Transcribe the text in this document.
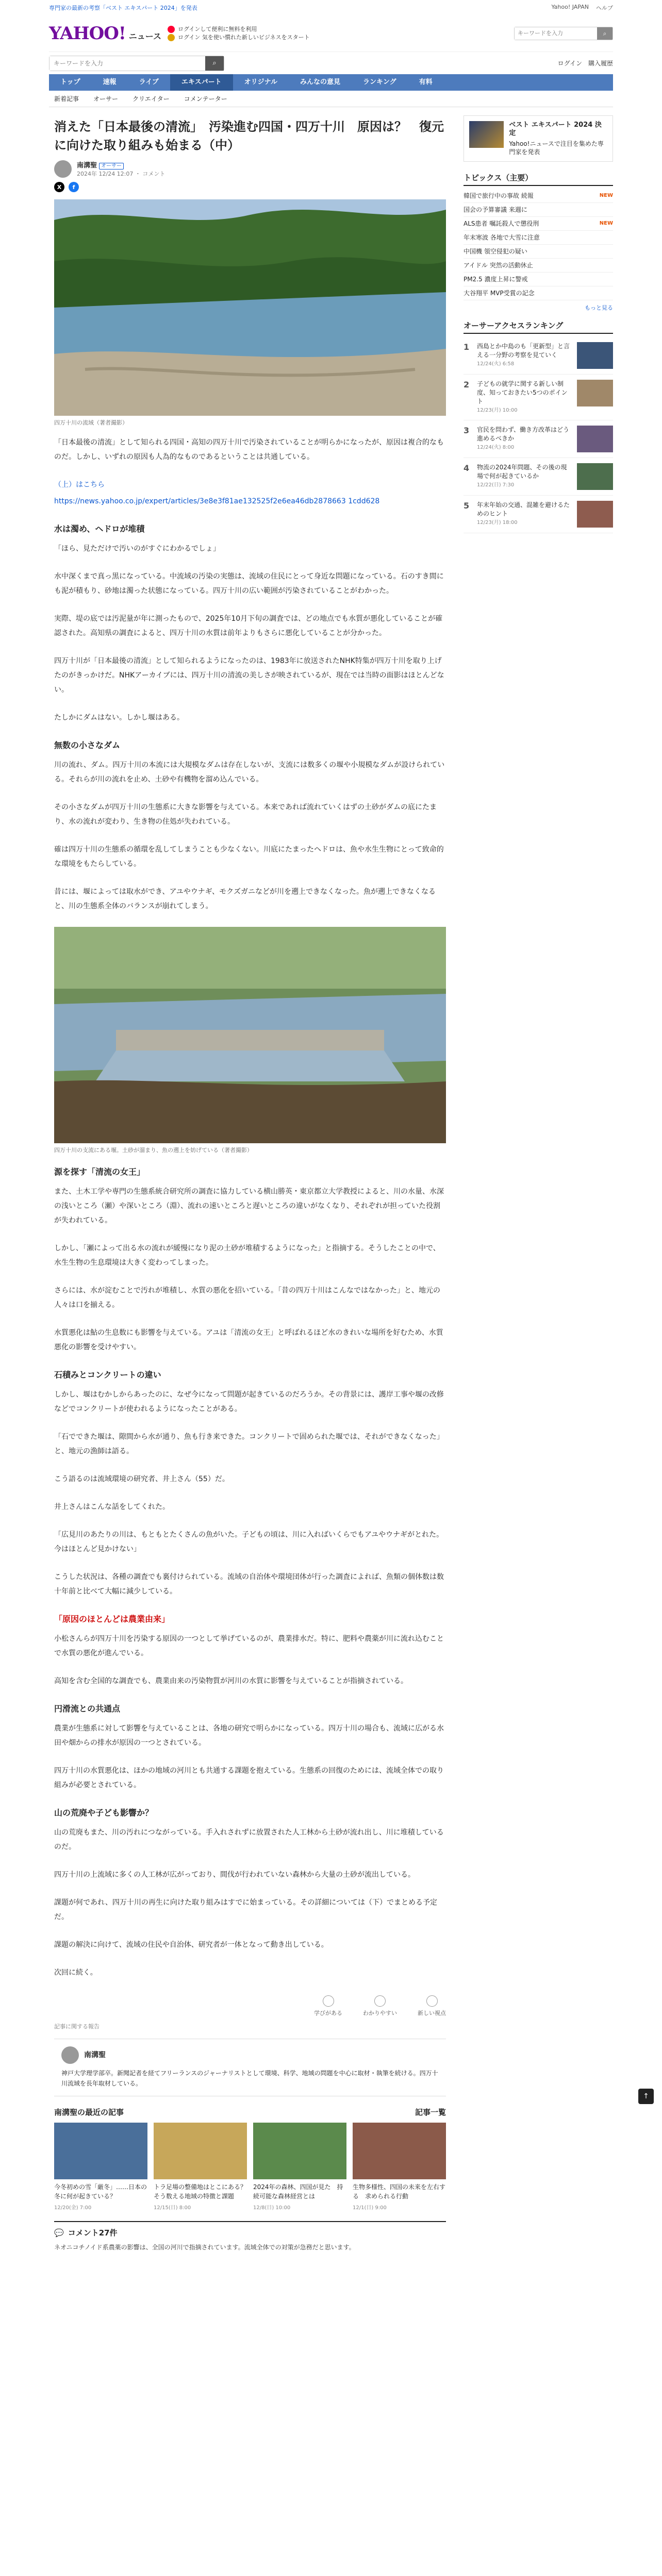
専門家の最新の考察「ベスト エキスパート 2024」を発表	Yahoo! JAPAN ヘルプ
YAHOO! ニュース
ログインして便利に無料を利用
ログイン 気を使い慣れた新しいビジネスをスタート
キーワードを入力
⌕
キーワードを入力
⌕	ログイン 購入履歴
トップ	速報	ライブ	エキスパート	オリジナル	みんなの意見	ランキング	有料
新着記事 オーサー クリエイター コメンテーター
消えた「日本最後の清流」　汚染進む四国・四万十川　原因は？　復元に向けた取り組みも始まる（中）
南溝聖 オーサー
2024年 12/24 12:07 ・ コメント
X	f
四万十川の流域（著者撮影）

「日本最後の清流」として知られる四国・高知の四万十川で汚染されていることが明らかになったが、原因は複合的なものだ。しかし、いずれの原因も人為的なものであるということは共通している。

（上）はこちら

https://news.yahoo.co.jp/expert/articles/3e8e3f81ae132525f2e6ea46db2878663 1cdd628

水は濁め、ヘドロが堆積

「ほら、見ただけで汚いのがすぐにわかるでしょ」

水中深くまで真っ黒になっている。中流域の汚染の実態は、流域の住民にとって身近な問題になっている。石のすき間にも泥が積もり、砂地は濁った状態になっている。四万十川の広い範囲が汚染されていることがわかった。

実際、堤の底では汚泥量が年に測ったもので、2025年10月下旬の調査では、どの地点でも水質が悪化していることが確認された。高知県の調査によると、四万十川の水質は前年よりもさらに悪化していることが分かった。

四万十川が「日本最後の清流」として知られるようになったのは、1983年に放送されたNHK特集が四万十川を取り上げたのがきっかけだ。NHKアーカイブには、四万十川の清流の美しさが映されているが、現在では当時の面影はほとんどない。

たしかにダムはない。しかし堰はある。

無数の小さなダム

川の流れ、ダム。四万十川の本流には大規模なダムは存在しないが、支流には数多くの堰や小規模なダムが設けられている。それらが川の流れを止め、土砂や有機物を溜め込んでいる。

その小さなダムが四万十川の生態系に大きな影響を与えている。本来であれば流れていくはずの土砂がダムの底にたまり、水の流れが変わり、生き物の住処が失われている。

確は四万十川の生態系の循環を乱してしまうことも少なくない。川底にたまったヘドロは、魚や水生生物にとって致命的な環境をもたらしている。

昔には、堰によっては取水ができ、アユやウナギ、モクズガニなどが川を遡上できなくなった。魚が遡上できなくなると、川の生態系全体のバランスが崩れてしまう。

四万十川の支流にある堰。土砂が溜まり、魚の遡上を妨げている（著者撮影）
源を探す「清流の女王」

また、土木工学や専門の生態系統合研究所の調査に協力している横山勝英・東京都立大学教授によると、川の水量、水深の浅いところ（瀬）や深いところ（淵）、流れの速いところと遅いところの違いがなくなり、それぞれが担っていた役割が失われている。

しかし、「瀬によって出る水の流れが緩慢になり泥の土砂が堆積するようになった」と指摘する。そうしたことの中で、水生生物の生息環境は大きく変わってしまった。

さらには、水が淀むことで汚れが堆積し、水質の悪化を招いている。「昔の四万十川はこんなではなかった」と、地元の人々は口を揃える。

水質悪化は鮎の生息数にも影響を与えている。アユは「清流の女王」と呼ばれるほど水のきれいな場所を好むため、水質悪化の影響を受けやすい。

石積みとコンクリートの違い

しかし、堰はむかしからあったのに、なぜ今になって問題が起きているのだろうか。その背景には、護岸工事や堰の改修などでコンクリートが使われるようになったことがある。

「石でできた堰は、隙間から水が通り、魚も行き来できた。コンクリートで固められた堰では、それができなくなった」と、地元の漁師は語る。

こう語るのは流域環境の研究者、井上さん（55）だ。

井上さんはこんな話をしてくれた。

「広見川のあたりの川は、もともとたくさんの魚がいた。子どもの頃は、川に入ればいくらでもアユやウナギがとれた。今はほとんど見かけない」

こうした状況は、各種の調査でも裏付けられている。流域の自治体や環境団体が行った調査によれば、魚類の個体数は数十年前と比べて大幅に減少している。

「原因のほとんどは農業由来」

小松さんらが四万十川を汚染する原因の一つとして挙げているのが、農業排水だ。特に、肥料や農薬が川に流れ込むことで水質の悪化が進んでいる。

高知を含む全国的な調査でも、農業由来の汚染物質が河川の水質に影響を与えていることが指摘されている。

円滑流との共通点

農業が生態系に対して影響を与えていることは、各地の研究で明らかになっている。四万十川の場合も、流域に広がる水田や畑からの排水が原因の一つとされている。

四万十川の水質悪化は、ほかの地域の河川とも共通する課題を抱えている。生態系の回復のためには、流域全体での取り組みが必要とされている。

山の荒廃や子ども影響か？

山の荒廃もまた、川の汚れにつながっている。手入れされずに放置された人工林から土砂が流れ出し、川に堆積しているのだ。

四万十川の上流域に多くの人工林が広がっており、間伐が行われていない森林から大量の土砂が流出している。

課題が何であれ、四万十川の再生に向けた取り組みはすでに始まっている。その詳細については（下）でまとめる予定だ。

課題の解決に向けて、流域の住民や自治体、研究者が一体となって動き出している。

次回に続く。

学びがある	わかりやすい	新しい視点
記事に関する報告
南溝聖
神戸大学理学部卒。新聞記者を経てフリーランスのジャーナリストとして環境、科学、地域の問題を中心に取材・執筆を続ける。四万十川流域を長年取材している。
南溝聖の最近の記事	記事一覧
今冬初めの雪「厳冬」……日本の冬に何が起きている？
12/20(金) 7:00
トラ足場の整備地はとこにある？そう数える地域の特徴と課題
12/15(日) 8:00
2024年の森林、四国が見た　持続可能な森林経営とは
12/8(日) 10:00
生物多様性、四国の未来を左右する　求められる行動
12/1(日) 9:00
💬 コメント27件
ネオニコチノイド系農薬の影響は、全国の河川で指摘されています。流域全体での対策が急務だと思います。
ベスト エキスパート 2024 決定
Yahoo!ニュースで注目を集めた専門家を発表
トピックス（主要）
韓国で旅行中の事故 続報	NEW
国会の予算審議 来週に
ALS患者 嘱託殺人で懲役刑	NEW
年末寒波 各地で大雪に注意
中国機 領空侵犯の疑い
アイドル 突然の活動休止
PM2.5 濃度上昇に警戒
大谷翔平 MVP受賞の記念
もっと見る
オーサーアクセスランキング
1	西島とか中島のも「更新型」と言える一分野の考察を見ていく
12/24(火) 6:58
2	子どもの就学に関する新しい制度、知っておきたい5つのポイント
12/23(月) 10:00
3	官民を問わず、働き方改革はどう進めるべきか
12/24(火) 8:00
4	物流の2024年問題、その後の現場で何が起きているか
12/22(日) 7:30
5	年末年始の交通、混雑を避けるためのヒント
12/23(月) 18:00
↑
